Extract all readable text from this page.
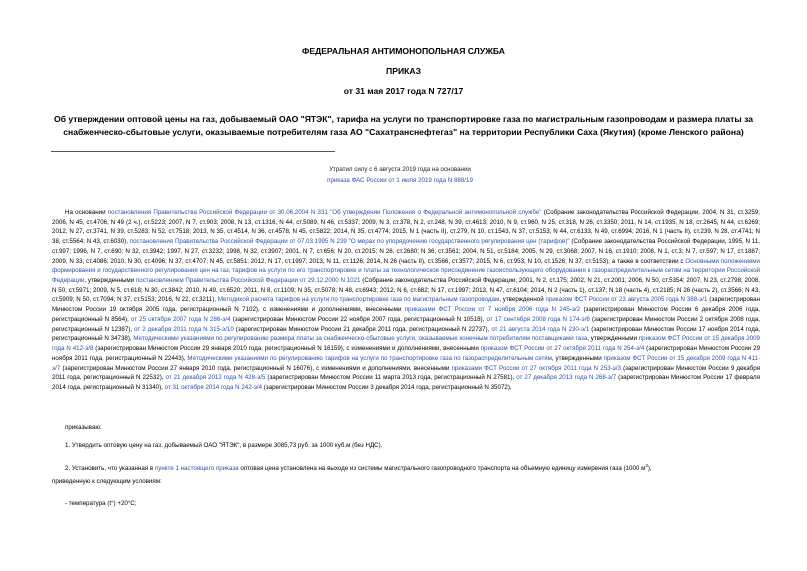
ФЕДЕРАЛЬНАЯ АНТИМОНОПОЛЬНАЯ СЛУЖБА
ПРИКАЗ
от 31 мая 2017 года N 727/17
Об утверждении оптовой цены на газ, добываемый ОАО "ЯТЭК", тарифа на услуги по транспортировке газа по магистральным газопроводам и размера платы за
снабженческо-сбытовые услуги, оказываемые потребителям газа АО "Сахатранснефтегаз" на территории Республики Саха (Якутия) (кроме Ленского района)
Утратил силу с 6 августа 2019 года на основании
приказа ФАС России от 1 июля 2019 года N 888/19

На основании постановления Правительства Российской Федерации от 30.06.2004 N 331 "Об утверждении Положения о Федеральной антимонопольной службе" (Собрание законодательства Российской Федерации, 2004, N 31, ст.3259; 2006, N 45, ст.4706, N 49 (2 ч.), ст.5223; 2007, N 7, ст.903; 2008, N 13, ст.1316, N 44, ст.5089, N 46, ст.5337; 2009, N 3, ст.378, N 2, ст.248, N 39, ст.4613; 2010, N 9, ст.960, N 25, ст.318, N 26, ст.3350; 2011, N 14, ст.1935, N 18, ст.2645, N 44, ст.6269; 2012, N 27, ст.3741, N 39, ст.5283, N 52, ст.7518; 2013, N 35, ст.4514, N 36, ст.4578, N 45, ст.5822; 2014, N 35, ст.4774; 2015, N 1 (часть II), ст.279, N 10, ст.1543, N 37, ст.5153, N 44, ст.6133, N 49, ст.6994; 2016, N 1 (часть II), ст.239, N 28, ст.4741; N 38, ст.5564; N 43, ст.6030), постановления Правительства Российской Федерации от 07.03.1995 N 239 "О мерах по упорядочению государственного регулирования цен (тарифов)" (Собрание законодательства Российской Федерации, 1995, N 11, ст.997; 1996, N 7, ст.690; N 32, ст.3942; 1997, N 27, ст.3232; 1998, N 32, ст.3907; 2001, N 7, ст.656; N 20, ст.2015; N 26, ст.2680; N 36, ст.3561; 2004, N 51, ст.5184; 2005, N 29, ст.3068; 2007, N 16, ст.1910; 2008, N 1, ст.3; N 7, ст.597; N 17, ст.1887; 2009, N 33, ст.4086; 2010, N 30, ст.4096; N 37, ст.4707; N 45, ст.5851; 2012, N 17, ст.1997; 2013, N 11, ст.1126; 2014, N 26 (часть II), ст.3566, ст.3577; 2015, N 6, ст.953; N 10, ст.1526; N 37, ст.5153), а также в соответствии с Основными положениями формирования и государственного регулирования цен на газ, тарифов на услуги по его транспортировке и платы за технологическое присоединение газоиспользующего оборудования к газораспределительным сетям на территории Российской Федерации, утвержденными постановлением Правительства Российской Федерации от 29.12.2000 N 1021 (Собрание законодательства Российской Федерации, 2001, N 2, ст.175; 2002, N 21, ст.2001; 2006, N 50, ст.5354; 2007, N 23, ст.2798; 2008, N 50, ст.5971; 2009, N 5, ст.618; N 30, ст.3842; 2010, N 49, ст.6520; 2011, N 8, ст.1109; N 35, ст.5078; N 48, ст.6943; 2012, N 6, ст.682; N 17, ст.1997; 2013, N 47, ст.6104; 2014, N 2 (часть 1), ст.137; N 18 (часть 4), ст.2185; N 26 (часть 2), ст.3566; N 43, ст.5909; N 50, ст.7094; N 37, ст.5153; 2016, N 22, ст.3211), Методикой расчета тарифов на услуги по транспортировке газа по магистральным газопроводам, утвержденной приказом ФСТ России от 23 августа 2005 года N 388-э/1 (зарегистрирован Минюстом России 19 октября 2005 года, регистрационный N 7102), с изменениями и дополнениями, внесенными приказами ФСТ России от 7 ноября 2006 года N 245-э/2 (зарегистрирован Минюстом России 6 декабря 2006 года, регистрационный N 8564), от 25 октября 2007 года N 286-э/4 (зарегистрирован Минюстом России 22 ноября 2007 года, регистрационный N 10518), от 17 сентября 2008 года N 174-э/6 (зарегистрирован Минюстом России 2 октября 2008 года, регистрационный N 12387), от 2 декабря 2011 года N 315-э/10 (зарегистрирован Минюстом России 21 декабря 2011 года, регистрационный N 22737), от 21 августа 2014 года N 230-э/1 (зарегистрирован Минюстом России 17 ноября 2014 года, регистрационный N 34738), Методическими указаниями по регулированию размера платы за снабженческо-сбытовые услуги, оказываемые конечным потребителям поставщиками газа, утвержденными приказом ФСТ России от 15 декабря 2009 года N 412-э/8 (зарегистрирован Минюстом России 29 января 2010 года, регистрационный N 16159), с изменениями и дополнениями, внесенными приказом ФСТ России от 27 октября 2011 года N 254-э/4 (зарегистрирован Минюстом России 29 ноября 2011 года, регистрационный N 22443), Методическими указаниями по регулированию тарифов на услуги по транспортировке газа по газораспределительным сетям, утвержденными приказом ФСТ России от 15 декабря 2009 года N 411-э/7 (зарегистрирован Минюстом России 27 января 2010 года, регистрационный N 16076), с изменениями и дополнениями, внесенными приказами ФСТ России от 27 октября 2011 года N 253-э/3 (зарегистрирован Минюстом России 9 декабря 2011 года, регистрационный N 22532), от 21 декабря 2012 года N 428-э/5 (зарегистрирован Минюстом России 11 марта 2013 года, регистрационный N 27581), от 27 декабря 2013 года N 268-э/7 (зарегистрирован Минюстом России 17 февраля 2014 года, регистрационный N 31340), от 31 октября 2014 года N 242-э/4 (зарегистрирован Минюстом России 3 декабря 2014 года, регистрационный N 35072),

приказываю:
1. Утвердить оптовую цену на газ, добываемый ОАО "ЯТЭК", в размере 3085,73 руб. за 1000 куб.м (без НДС).
2. Установить, что указанная в пункте 1 настоящего приказа оптовая цена установлена на выходе из системы магистрального газопроводного транспорта на объемную единицу измерения газа (1000 $м^3$),
приведенную к следующим условиям:
- температура (t°) +20°C;
